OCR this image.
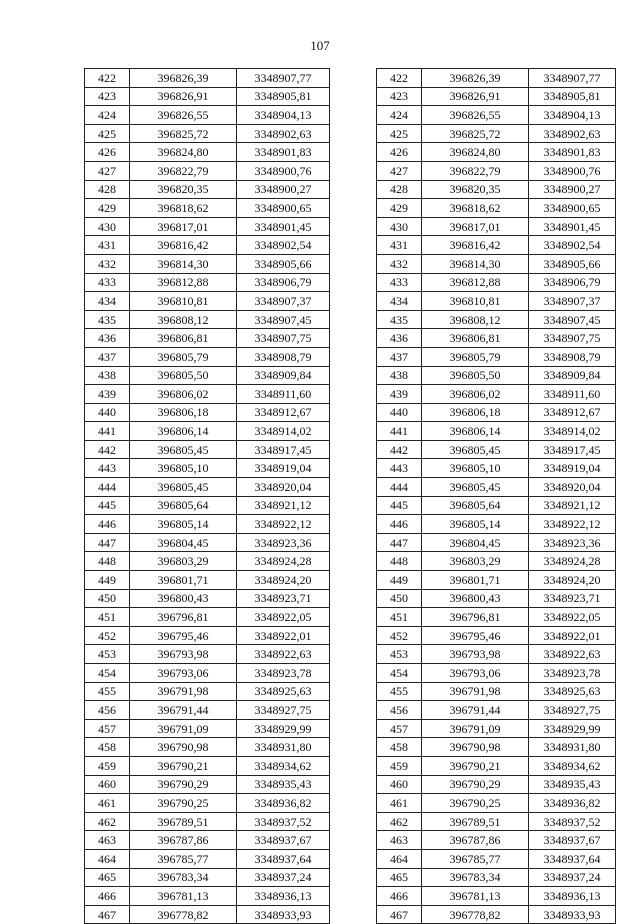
107
422	396826,39	3348907,77
423	396826,91	3348905,81
424	396826,55	3348904,13
425	396825,72	3348902,63
426	396824,80	3348901,83
427	396822,79	3348900,76
428	396820,35	3348900,27
429	396818,62	3348900,65
430	396817,01	3348901,45
431	396816,42	3348902,54
432	396814,30	3348905,66
433	396812,88	3348906,79
434	396810,81	3348907,37
435	396808,12	3348907,45
436	396806,81	3348907,75
437	396805,79	3348908,79
438	396805,50	3348909,84
439	396806,02	3348911,60
440	396806,18	3348912,67
441	396806,14	3348914,02
442	396805,45	3348917,45
443	396805,10	3348919,04
444	396805,45	3348920,04
445	396805,64	3348921,12
446	396805,14	3348922,12
447	396804,45	3348923,36
448	396803,29	3348924,28
449	396801,71	3348924,20
450	396800,43	3348923,71
451	396796,81	3348922,05
452	396795,46	3348922,01
453	396793,98	3348922,63
454	396793,06	3348923,78
455	396791,98	3348925,63
456	396791,44	3348927,75
457	396791,09	3348929,99
458	396790,98	3348931,80
459	396790,21	3348934,62
460	396790,29	3348935,43
461	396790,25	3348936,82
462	396789,51	3348937,52
463	396787,86	3348937,67
464	396785,77	3348937,64
465	396783,34	3348937,24
466	396781,13	3348936,13
467	396778,82	3348933,93
422	396826,39	3348907,77
423	396826,91	3348905,81
424	396826,55	3348904,13
425	396825,72	3348902,63
426	396824,80	3348901,83
427	396822,79	3348900,76
428	396820,35	3348900,27
429	396818,62	3348900,65
430	396817,01	3348901,45
431	396816,42	3348902,54
432	396814,30	3348905,66
433	396812,88	3348906,79
434	396810,81	3348907,37
435	396808,12	3348907,45
436	396806,81	3348907,75
437	396805,79	3348908,79
438	396805,50	3348909,84
439	396806,02	3348911,60
440	396806,18	3348912,67
441	396806,14	3348914,02
442	396805,45	3348917,45
443	396805,10	3348919,04
444	396805,45	3348920,04
445	396805,64	3348921,12
446	396805,14	3348922,12
447	396804,45	3348923,36
448	396803,29	3348924,28
449	396801,71	3348924,20
450	396800,43	3348923,71
451	396796,81	3348922,05
452	396795,46	3348922,01
453	396793,98	3348922,63
454	396793,06	3348923,78
455	396791,98	3348925,63
456	396791,44	3348927,75
457	396791,09	3348929,99
458	396790,98	3348931,80
459	396790,21	3348934,62
460	396790,29	3348935,43
461	396790,25	3348936,82
462	396789,51	3348937,52
463	396787,86	3348937,67
464	396785,77	3348937,64
465	396783,34	3348937,24
466	396781,13	3348936,13
467	396778,82	3348933,93
